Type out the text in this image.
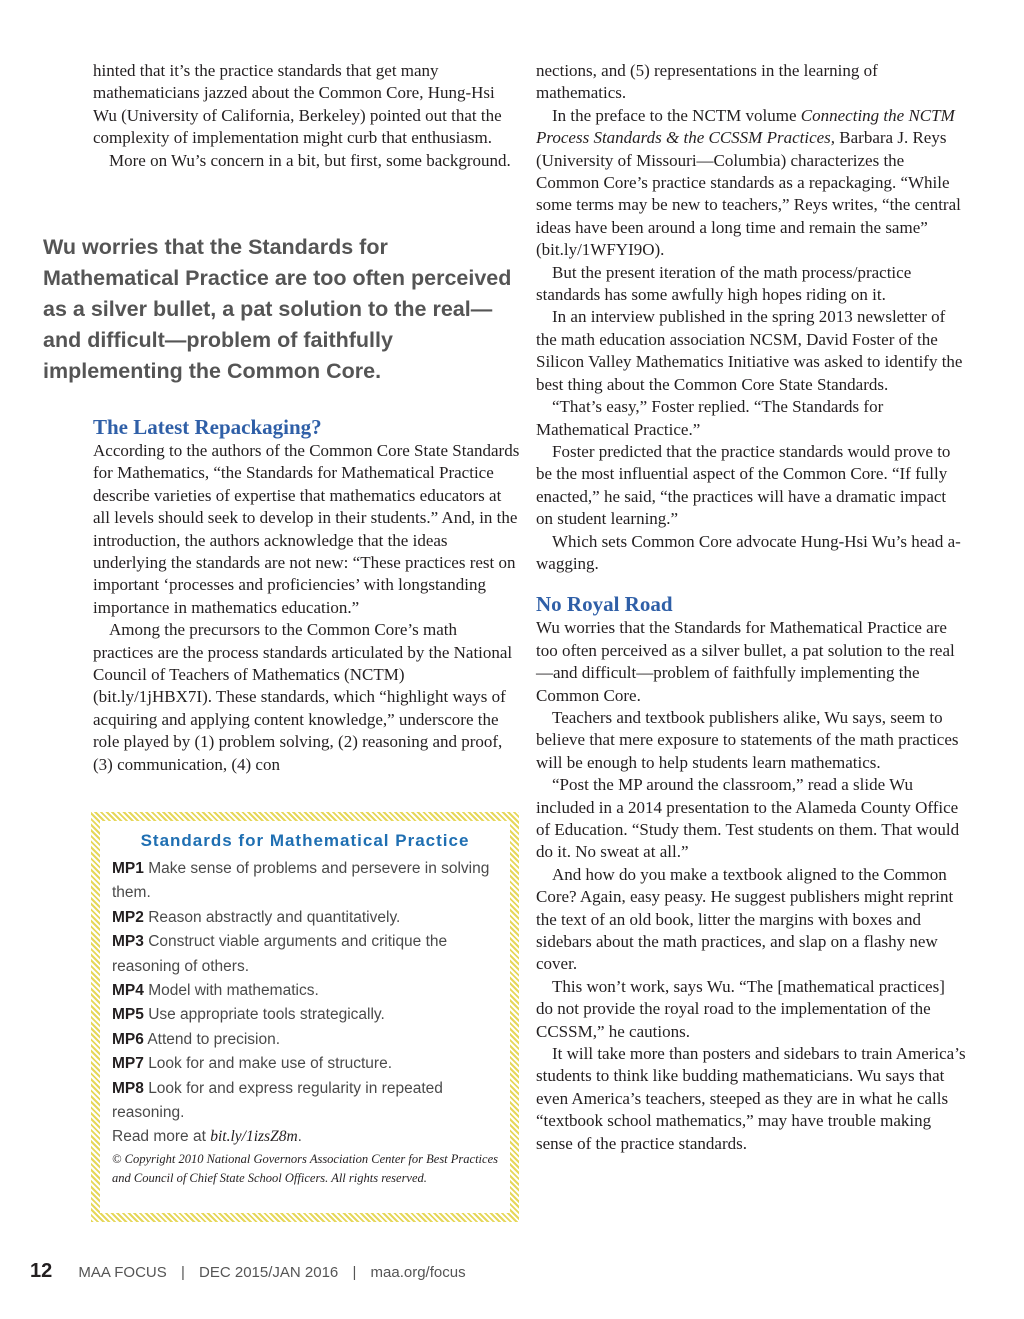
hinted that it’s the practice standards that get many mathematicians jazzed about the Common Core, Hung-Hsi Wu (University of California, Berkeley) pointed out that the complexity of implementation might curb that enthusiasm.

More on Wu’s concern in a bit, but first, some background.

Wu worries that the Standards for Mathematical Practice are too often perceived as a silver bullet, a pat solution to the real—and difficult—problem of faithfully implementing the Common Core.

The Latest Repackaging?

According to the authors of the Common Core State Standards for Mathematics, “the Standards for Mathematical Practice describe varieties of expertise that mathematics educators at all levels should seek to develop in their students.” And, in the introduction, the authors acknowledge that the ideas underlying the standards are not new: “These practices rest on important ‘processes and proficiencies’ with longstanding importance in mathematics education.”

Among the precursors to the Common Core’s math practices are the process standards articulated by the National Council of Teachers of Mathematics (NCTM) (bit.ly/1jHBX7I). These standards, which “highlight ways of acquiring and applying content knowledge,” underscore the role played by (1) problem solving, (2) reasoning and proof, (3) communication, (4) con

Standards for Mathematical Practice

MP1 Make sense of problems and persevere in solving them.

MP2 Reason abstractly and quantitatively.

MP3 Construct viable arguments and critique the reasoning of others.

MP4 Model with mathematics.

MP5 Use appropriate tools strategically.

MP6 Attend to precision.

MP7 Look for and make use of structure.

MP8 Look for and express regularity in repeated reasoning.

Read more at bit.ly/1izsZ8m.

© Copyright 2010 National Governors Association Center for Best Practices and Council of Chief State School Officers. All rights reserved.

nections, and (5) representations in the learning of mathematics.

In the preface to the NCTM volume Connecting the NCTM Process Standards & the CCSSM Practices, Barbara J. Reys (University of Missouri—Columbia) characterizes the Common Core’s practice standards as a repackaging. “While some terms may be new to teachers,” Reys writes, “the central ideas have been around a long time and remain the same” (bit.ly/1WFYI9O).

But the present iteration of the math process/practice standards has some awfully high hopes riding on it.

In an interview published in the spring 2013 newsletter of the math education association NCSM, David Foster of the Silicon Valley Mathematics Initiative was asked to identify the best thing about the Common Core State Standards.

“That’s easy,” Foster replied. “The Standards for Mathematical Practice.”

Foster predicted that the practice standards would prove to be the most influential aspect of the Common Core. “If fully enacted,” he said, “the practices will have a dramatic impact on student learning.”

Which sets Common Core advocate Hung-Hsi Wu’s head a-wagging.

No Royal Road

Wu worries that the Standards for Mathematical Practice are too often perceived as a silver bullet, a pat solution to the real—and difficult—problem of faithfully implementing the Common Core.

Teachers and textbook publishers alike, Wu says, seem to believe that mere exposure to statements of the math practices will be enough to help students learn mathematics.

“Post the MP around the classroom,” read a slide Wu included in a 2014 presentation to the Alameda County Office of Education. “Study them. Test students on them. That would do it. No sweat at all.”

And how do you make a textbook aligned to the Common Core? Again, easy peasy. He suggest publishers might reprint the text of an old book, litter the margins with boxes and sidebars about the math practices, and slap on a flashy new cover.

This won’t work, says Wu. “The [mathematical practices] do not provide the royal road to the implementation of the CCSSM,” he cautions.

It will take more than posters and sidebars to train America’s students to think like budding mathematicians. Wu says that even America’s teachers, steeped as they are in what he calls “textbook school mathematics,” may have trouble making sense of the practice standards.

12 MAA FOCUS | DEC 2015/JAN 2016 | maa.org/focus
